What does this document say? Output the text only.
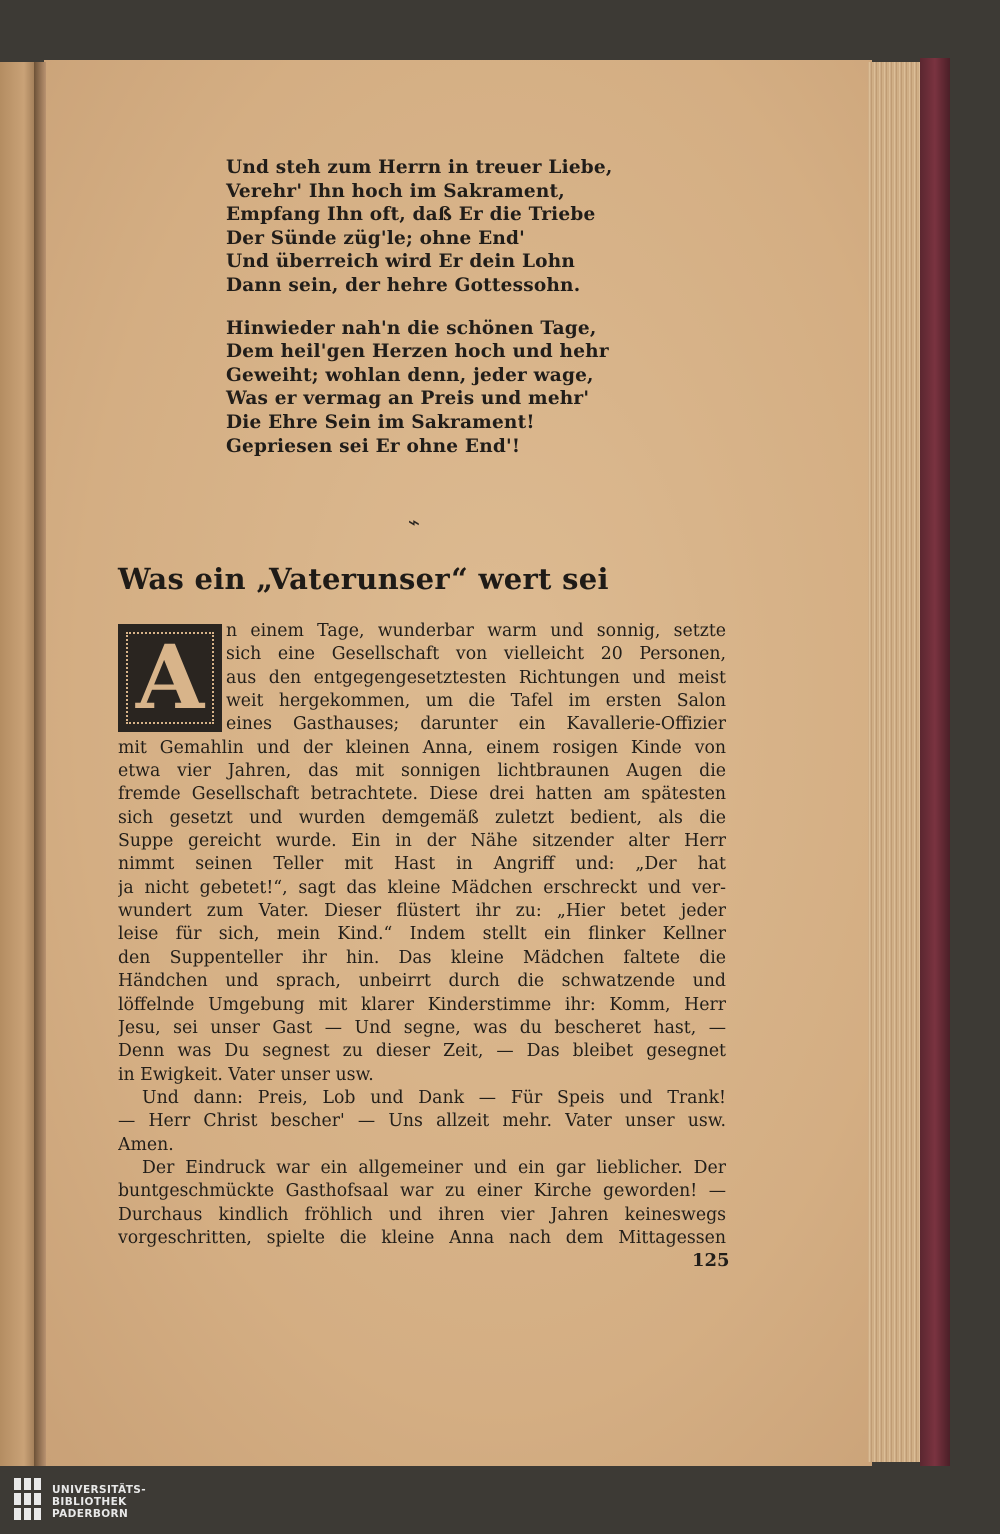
Und steh zum Herrn in treuer Liebe,
Verehr' Ihn hoch im Sakrament,
Empfang Ihn oft, daß Er die Triebe
Der Sünde züg'le; ohne End'
Und überreich wird Er dein Lohn
Dann sein, der hehre Gottessohn.
Hinwieder nah'n die schönen Tage,
Dem heil'gen Herzen hoch und hehr
Geweiht; wohlan denn, jeder wage,
Was er vermag an Preis und mehr'
Die Ehre Sein im Sakrament!
Gepriesen sei Er ohne End'!
⌁
Was ein „Vaterunser“ wert sei
A	n einem Tage, wunderbar warm und sonnig, setzte
sich eine Gesellschaft von vielleicht 20 Personen,
aus den entgegengesetztesten Richtungen und meist
weit hergekommen, um die Tafel im ersten Salon
eines Gasthauses; darunter ein Kavallerie-Offizier
mit Gemahlin und der kleinen Anna, einem rosigen Kinde von
etwa vier Jahren, das mit sonnigen lichtbraunen Augen die
fremde Gesellschaft betrachtete. Diese drei hatten am spätesten
sich gesetzt und wurden demgemäß zuletzt bedient, als die
Suppe gereicht wurde. Ein in der Nähe sitzender alter Herr
nimmt seinen Teller mit Hast in Angriff und: „Der hat
ja nicht gebetet!“, sagt das kleine Mädchen erschreckt und ver-
wundert zum Vater. Dieser flüstert ihr zu: „Hier betet jeder
leise für sich, mein Kind.“ Indem stellt ein flinker Kellner
den Suppenteller ihr hin. Das kleine Mädchen faltete die
Händchen und sprach, unbeirrt durch die schwatzende und
löffelnde Umgebung mit klarer Kinderstimme ihr: Komm, Herr
Jesu, sei unser Gast — Und segne, was du bescheret hast, —
Denn was Du segnest zu dieser Zeit, — Das bleibet gesegnet
in Ewigkeit. Vater unser usw.
Und dann: Preis, Lob und Dank — Für Speis und Trank!
— Herr Christ bescher' — Uns allzeit mehr. Vater unser usw.
Amen.
Der Eindruck war ein allgemeiner und ein gar lieblicher. Der
buntgeschmückte Gasthofsaal war zu einer Kirche geworden! —
Durchaus kindlich fröhlich und ihren vier Jahren keineswegs
vorgeschritten, spielte die kleine Anna nach dem Mittagessen
125
UNIVERSITÄTS-
BIBLIOTHEK
PADERBORN
